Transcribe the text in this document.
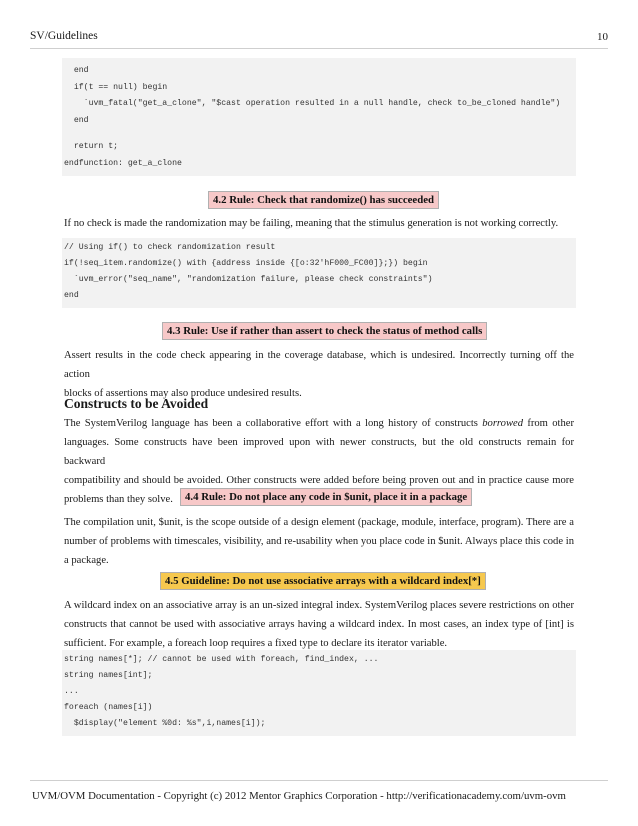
SV/Guidelines	10
end
if(t == null) begin
`uvm_fatal("get_a_clone", "$cast operation resulted in a null handle, check to_be_cloned handle")
end
return t;
endfunction: get_a_clone
4.2 Rule: Check that randomize() has succeeded
If no check is made the randomization may be failing, meaning that the stimulus generation is not working correctly.
// Using if() to check randomization result
if(!seq_item.randomize() with {address inside {[o:32'hF000_FC00]};}) begin
`uvm_error("seq_name", "randomization failure, please check constraints")
end
4.3 Rule: Use if rather than assert to check the status of method calls
Assert results in the code check appearing in the coverage database, which is undesired. Incorrectly turning off the action
blocks of assertions may also produce undesired results.
Constructs to be Avoided
The SystemVerilog language has been a collaborative effort with a long history of constructs borrowed from other
languages. Some constructs have been improved upon with newer constructs, but the old constructs remain for backward
compatibility and should be avoided. Other constructs were added before being proven out and in practice cause more
problems than they solve.	4.4 Rule: Do not place any code in $unit, place it in a package
The compilation unit, $unit, is the scope outside of a design element (package, module, interface, program). There are a
number of problems with timescales, visibility, and re-usability when you place code in $unit. Always place this code in
a package.
4.5 Guideline: Do not use associative arrays with a wildcard index[*]
A wildcard index on an associative array is an un-sized integral index. SystemVerilog places severe restrictions on other
constructs that cannot be used with associative arrays having a wildcard index. In most cases, an index type of [int] is
sufficient. For example, a foreach loop requires a fixed type to declare its iterator variable.
string names[*]; // cannot be used with foreach, find_index, ...
string names[int];
...
foreach (names[i])
$display("element %0d: %s",i,names[i]);
UVM/OVM Documentation - Copyright (c) 2012 Mentor Graphics Corporation - http://verificationacademy.com/uvm-ovm
